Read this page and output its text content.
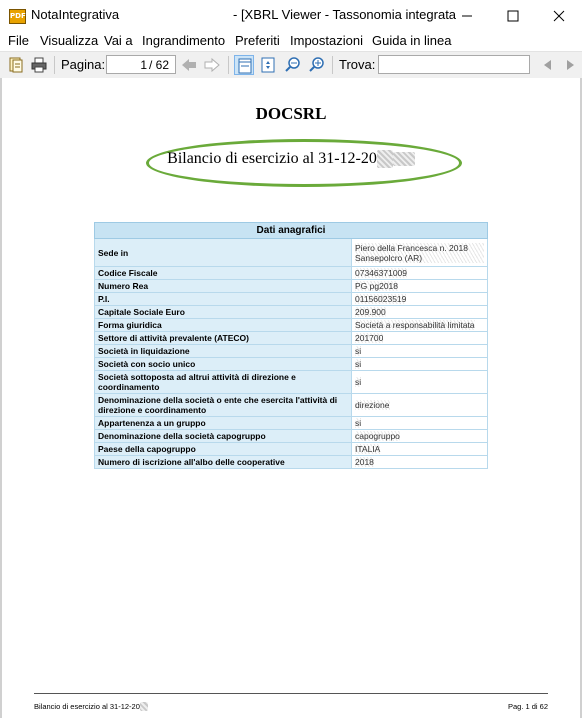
PDF NotaIntegrativa	- [XBRL Viewer - Tassonomia integrata
File Visualizza Vai a Ingrandimento Preferiti Impostazioni Guida in linea
Pagina:	1 / 62	Trova:
DOCSRL
Bilancio di esercizio al 31-12-20
Dati anagrafici	
Sede in	Piero della Francesca n. 2018 Sansepolcro (AR)
Codice Fiscale	07346371009
Numero Rea	PG pg2018
P.I.	01156023519
Capitale Sociale Euro	209.900
Forma giuridica	Società a responsabilità limitata
Settore di attività prevalente (ATECO)	201700
Società in liquidazione	si
Società con socio unico	si
Società sottoposta ad altrui attività di direzione e coordinamento	si
Denominazione della società o ente che esercita l'attività di direzione e coordinamento	direzione
Appartenenza a un gruppo	si
Denominazione della società capogruppo	capogruppo
Paese della capogruppo	ITALIA
Numero di iscrizione all'albo delle cooperative	2018
Bilancio di esercizio al 31-12-20	Pag. 1 di 62
